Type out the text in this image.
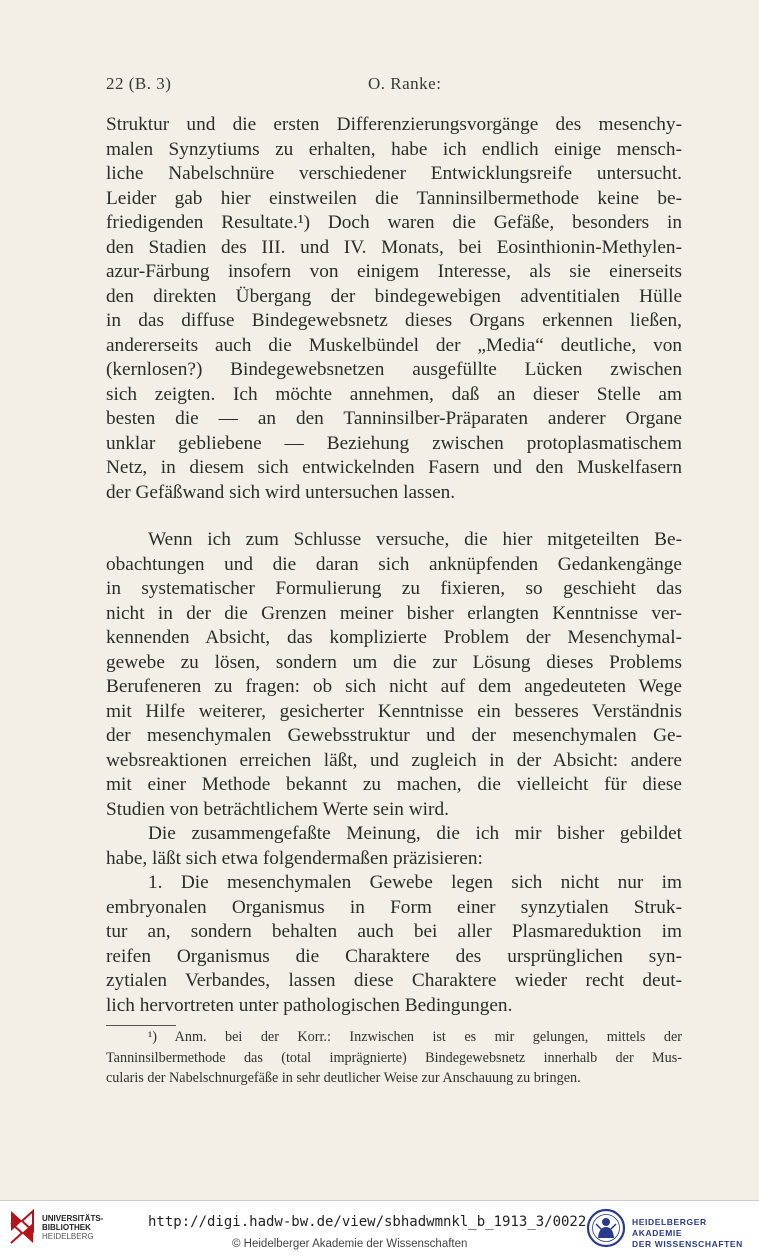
22 (B. 3)	O. Ranke:
Struktur und die ersten Differenzierungsvorgänge des mesenchy-
malen Synzytiums zu erhalten, habe ich endlich einige mensch-
liche Nabelschnüre verschiedener Entwicklungsreife untersucht.
Leider gab hier einstweilen die Tanninsilbermethode keine be-
friedigenden Resultate.¹) Doch waren die Gefäße, besonders in
den Stadien des III. und IV. Monats, bei Eosinthionin-Methylen-
azur-Färbung insofern von einigem Interesse, als sie einerseits
den direkten Übergang der bindegewebigen adventitialen Hülle
in das diffuse Bindegewebsnetz dieses Organs erkennen ließen,
andererseits auch die Muskelbündel der „Media“ deutliche, von
(kernlosen?) Bindegewebsnetzen ausgefüllte Lücken zwischen
sich zeigten. Ich möchte annehmen, daß an dieser Stelle am
besten die — an den Tanninsilber-Präparaten anderer Organe
unklar gebliebene — Beziehung zwischen protoplasmatischem
Netz, in diesem sich entwickelnden Fasern und den Muskelfasern
der Gefäßwand sich wird untersuchen lassen.
Wenn ich zum Schlusse versuche, die hier mitgeteilten Be-
obachtungen und die daran sich anknüpfenden Gedankengänge
in systematischer Formulierung zu fixieren, so geschieht das
nicht in der die Grenzen meiner bisher erlangten Kenntnisse ver-
kennenden Absicht, das komplizierte Problem der Mesenchymal-
gewebe zu lösen, sondern um die zur Lösung dieses Problems
Berufeneren zu fragen: ob sich nicht auf dem angedeuteten Wege
mit Hilfe weiterer, gesicherter Kenntnisse ein besseres Verständnis
der mesenchymalen Gewebsstruktur und der mesenchymalen Ge-
websreaktionen erreichen läßt, und zugleich in der Absicht: andere
mit einer Methode bekannt zu machen, die vielleicht für diese
Studien von beträchtlichem Werte sein wird.
Die zusammengefaßte Meinung, die ich mir bisher gebildet
habe, läßt sich etwa folgendermaßen präzisieren:
1. Die mesenchymalen Gewebe legen sich nicht nur im
embryonalen Organismus in Form einer synzytialen Struk-
tur an, sondern behalten auch bei aller Plasmareduktion im
reifen Organismus die Charaktere des ursprünglichen syn-
zytialen Verbandes, lassen diese Charaktere wieder recht deut-
lich hervortreten unter pathologischen Bedingungen.
¹) Anm. bei der Korr.: Inzwischen ist es mir gelungen, mittels der
Tanninsilbermethode das (total imprägnierte) Bindegewebsnetz innerhalb der Mus-
cularis der Nabelschnurgefäße in sehr deutlicher Weise zur Anschauung zu bringen.
UNIVERSITÄTS-
BIBLIOTHEK
HEIDELBERG
http://digi.hadw-bw.de/view/sbhadwmnkl_b_1913_3/0022
© Heidelberger Akademie der Wissenschaften
HEIDELBERGER AKADEMIE
DER WISSENSCHAFTEN
